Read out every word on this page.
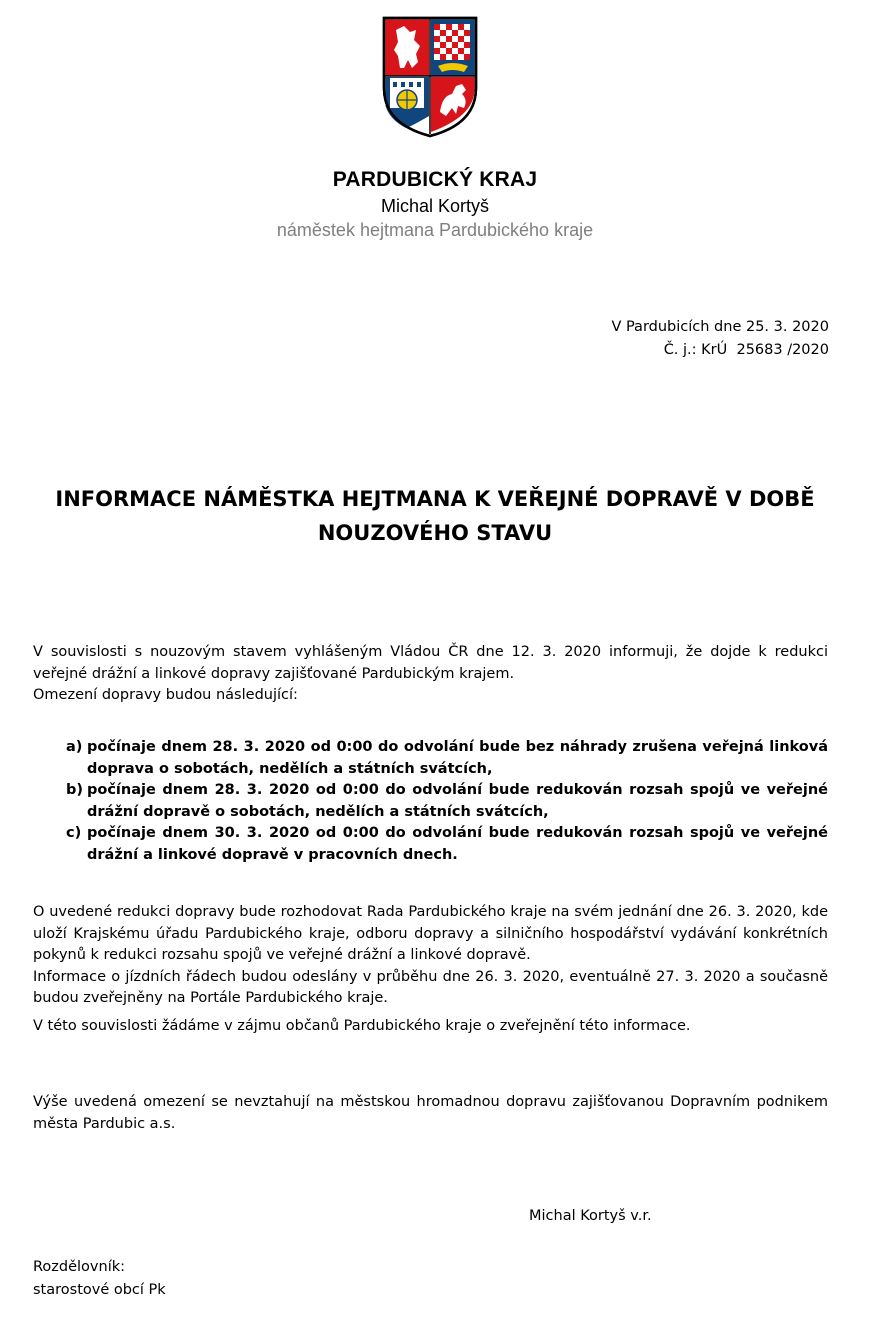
PARDUBICKÝ KRAJ
Michal Kortyš
náměstek hejtmana Pardubického kraje
V Pardubicích dne 25. 3. 2020
Č. j.: KrÚ  25683 /2020
INFORMACE NÁMĚSTKA HEJTMANA K VEŘEJNÉ DOPRAVĚ V DOBĚ
NOUZOVÉHO STAVU

V souvislosti s nouzovým stavem vyhlášeným Vládou ČR dne 12. 3. 2020 informuji, že dojde k redukci veřejné drážní a linkové dopravy zajišťované Pardubickým krajem.

Omezení dopravy budou následující:

a) počínaje dnem 28. 3. 2020 od 0:00 do odvolání bude bez náhrady zrušena veřejná linková doprava o sobotách, nedělích a státních svátcích,
b) počínaje dnem 28. 3. 2020 od 0:00 do odvolání bude redukován rozsah spojů ve veřejné drážní dopravě o sobotách, nedělích a státních svátcích,
c) počínaje dnem 30. 3. 2020 od 0:00 do odvolání bude redukován rozsah spojů ve veřejné drážní a linkové dopravě v pracovních dnech.

O uvedené redukci dopravy bude rozhodovat Rada Pardubického kraje na svém jednání dne 26. 3. 2020, kde uloží Krajskému úřadu Pardubického kraje, odboru dopravy a silničního hospodářství vydávání konkrétních pokynů k redukci rozsahu spojů ve veřejné drážní a linkové dopravě.

Informace o jízdních řádech budou odeslány v průběhu dne 26. 3. 2020, eventuálně 27. 3. 2020 a současně budou zveřejněny na Portále Pardubického kraje.

V této souvislosti žádáme v zájmu občanů Pardubického kraje o zveřejnění této informace.
Výše uvedená omezení se nevztahují na městskou hromadnou dopravu zajišťovanou Dopravním podnikem města Pardubic a.s.
Michal Kortyš v.r.
Rozdělovník:
starostové obcí Pk
